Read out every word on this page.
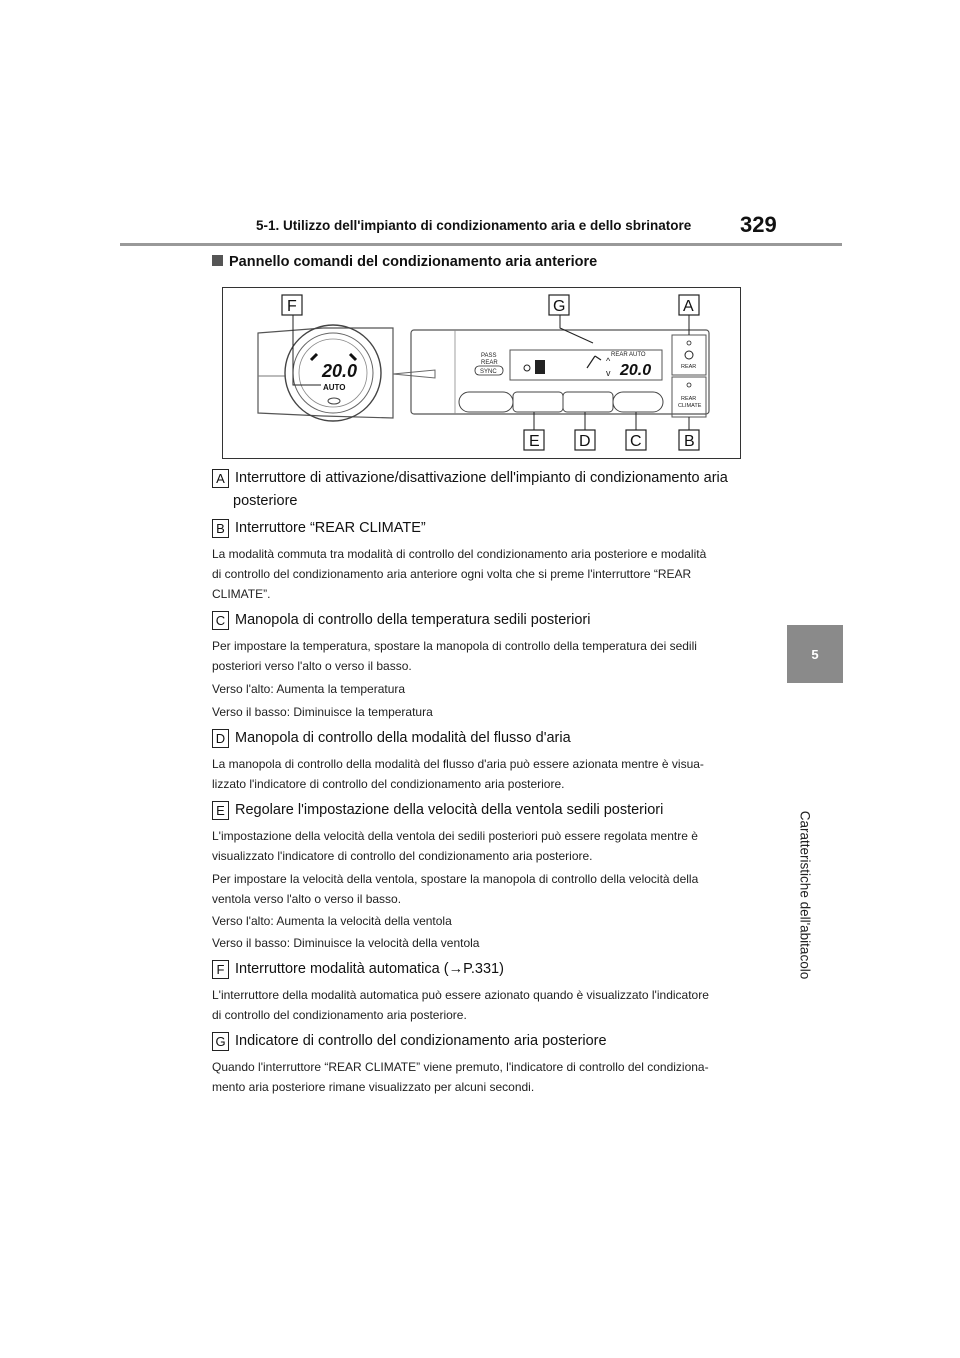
5-1. Utilizzo dell'impianto di condizionamento aria e dello sbrinatore 329
5
Caratteristiche dell'abitacolo
Pannello comandi del condizionamento aria anteriore
20.0
AUTO
PASS
REAR
SYNC
REAR AUTO
^
v 20.0	REAR
REAR
CLIMATE
F	G	A
E D C	B
A Interruttore di attivazione/disattivazione dell'impianto di condizionamento aria
posteriore
B Interruttore “REAR CLIMATE”
La modalità commuta tra modalità di controllo del condizionamento aria posteriore e modalità
di controllo del condizionamento aria anteriore ogni volta che si preme l'interruttore “REAR
CLIMATE”.
C Manopola di controllo della temperatura sedili posteriori
Per impostare la temperatura, spostare la manopola di controllo della temperatura dei sedili
posteriori verso l'alto o verso il basso.
Verso l'alto: Aumenta la temperatura
Verso il basso: Diminuisce la temperatura
D Manopola di controllo della modalità del flusso d'aria
La manopola di controllo della modalità del flusso d'aria può essere azionata mentre è visua-
lizzato l'indicatore di controllo del condizionamento aria posteriore.
E Regolare l'impostazione della velocità della ventola sedili posteriori
L'impostazione della velocità della ventola dei sedili posteriori può essere regolata mentre è
visualizzato l'indicatore di controllo del condizionamento aria posteriore.
Per impostare la velocità della ventola, spostare la manopola di controllo della velocità della
ventola verso l'alto o verso il basso.
Verso l'alto: Aumenta la velocità della ventola
Verso il basso: Diminuisce la velocità della ventola
F Interruttore modalità automatica (→P.331)
L'interruttore della modalità automatica può essere azionato quando è visualizzato l'indicatore
di controllo del condizionamento aria posteriore.
G Indicatore di controllo del condizionamento aria posteriore
Quando l'interruttore “REAR CLIMATE” viene premuto, l'indicatore di controllo del condiziona-
mento aria posteriore rimane visualizzato per alcuni secondi.
